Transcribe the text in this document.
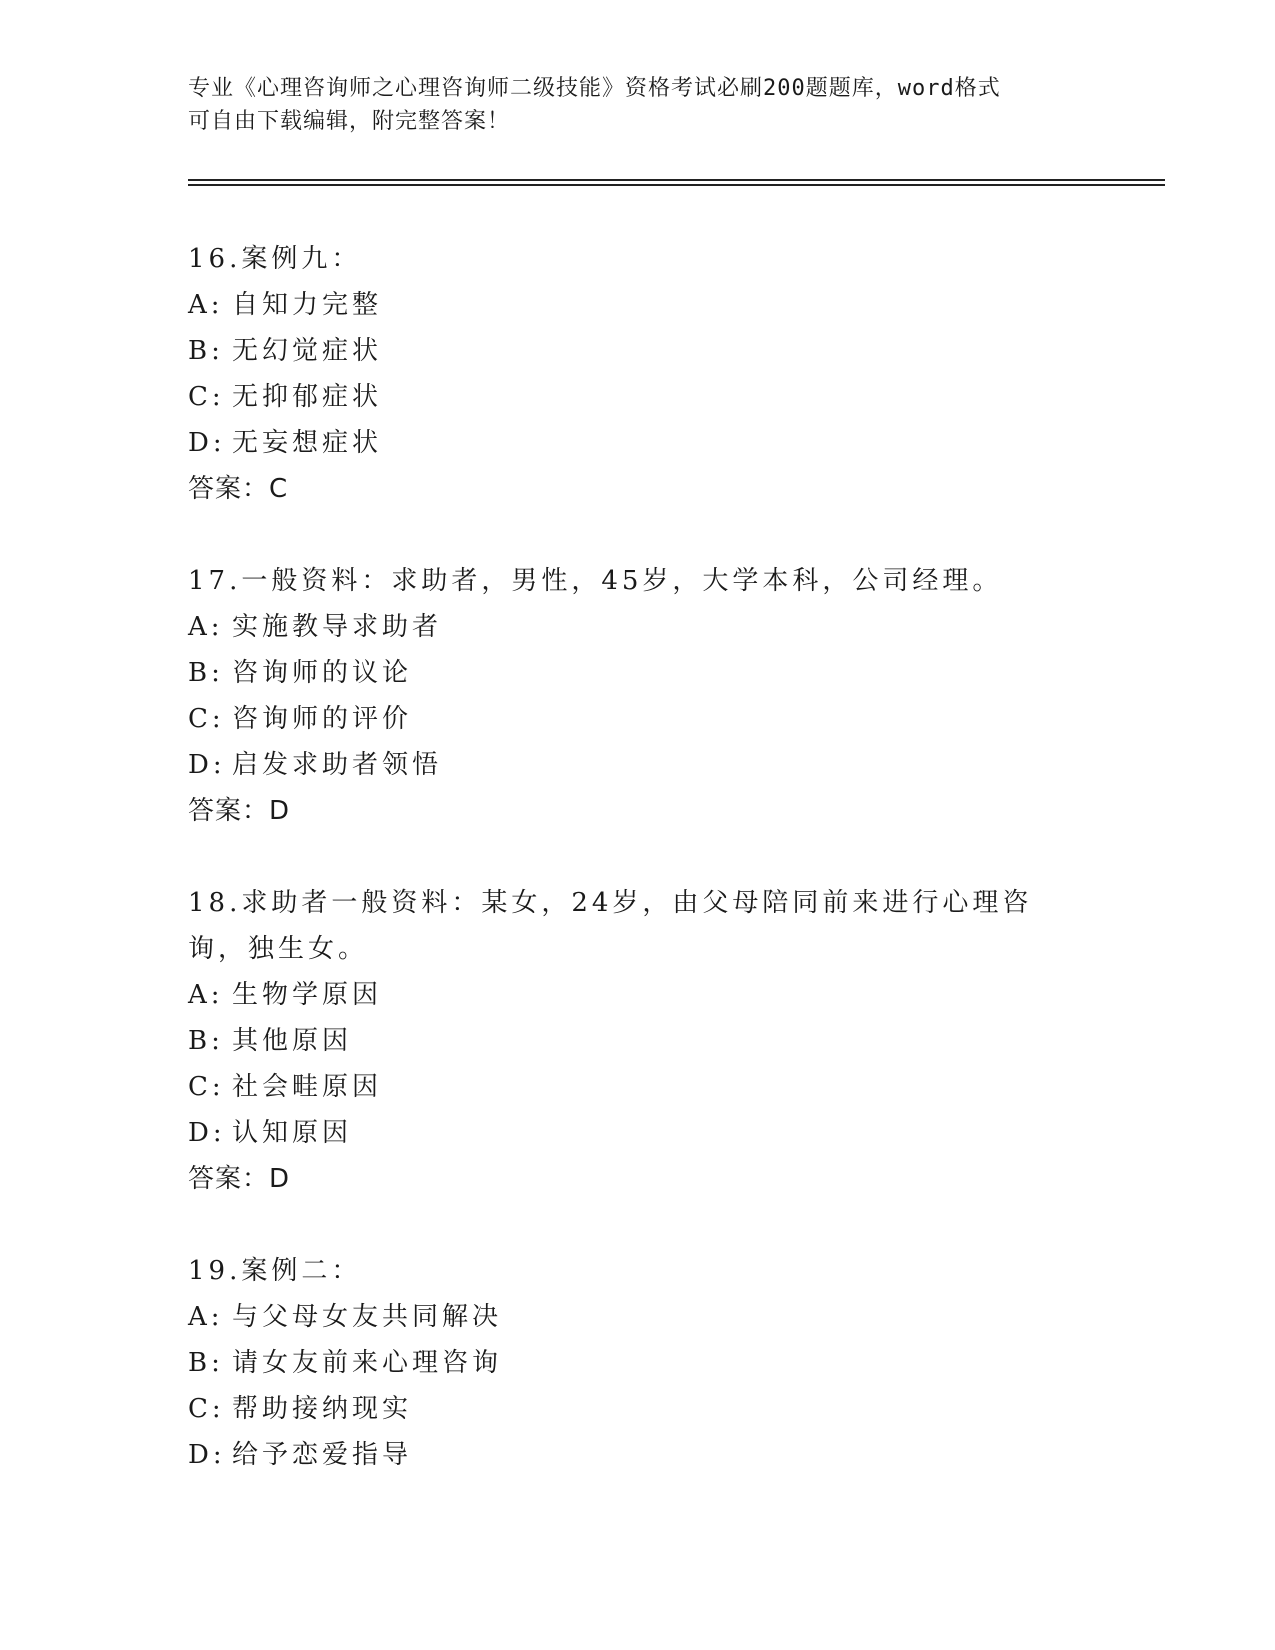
专业《心理咨询师之心理咨询师二级技能》资格考试必刷200题题库，word格式
可自由下载编辑，附完整答案！

16.案例九：

A: 自知力完整

B: 无幻觉症状

C: 无抑郁症状

D: 无妄想症状

答案：C

17.一般资料：求助者，男性，45岁，大学本科，公司经理。

A: 实施教导求助者

B: 咨询师的议论

C: 咨询师的评价

D: 启发求助者领悟

答案：D

18.求助者一般资料：某女，24岁，由父母陪同前来进行心理咨询，独生女。

A: 生物学原因

B: 其他原因

C: 社会畦原因

D: 认知原因

答案：D

19.案例二：

A: 与父母女友共同解决

B: 请女友前来心理咨询

C: 帮助接纳现实

D: 给予恋爱指导
